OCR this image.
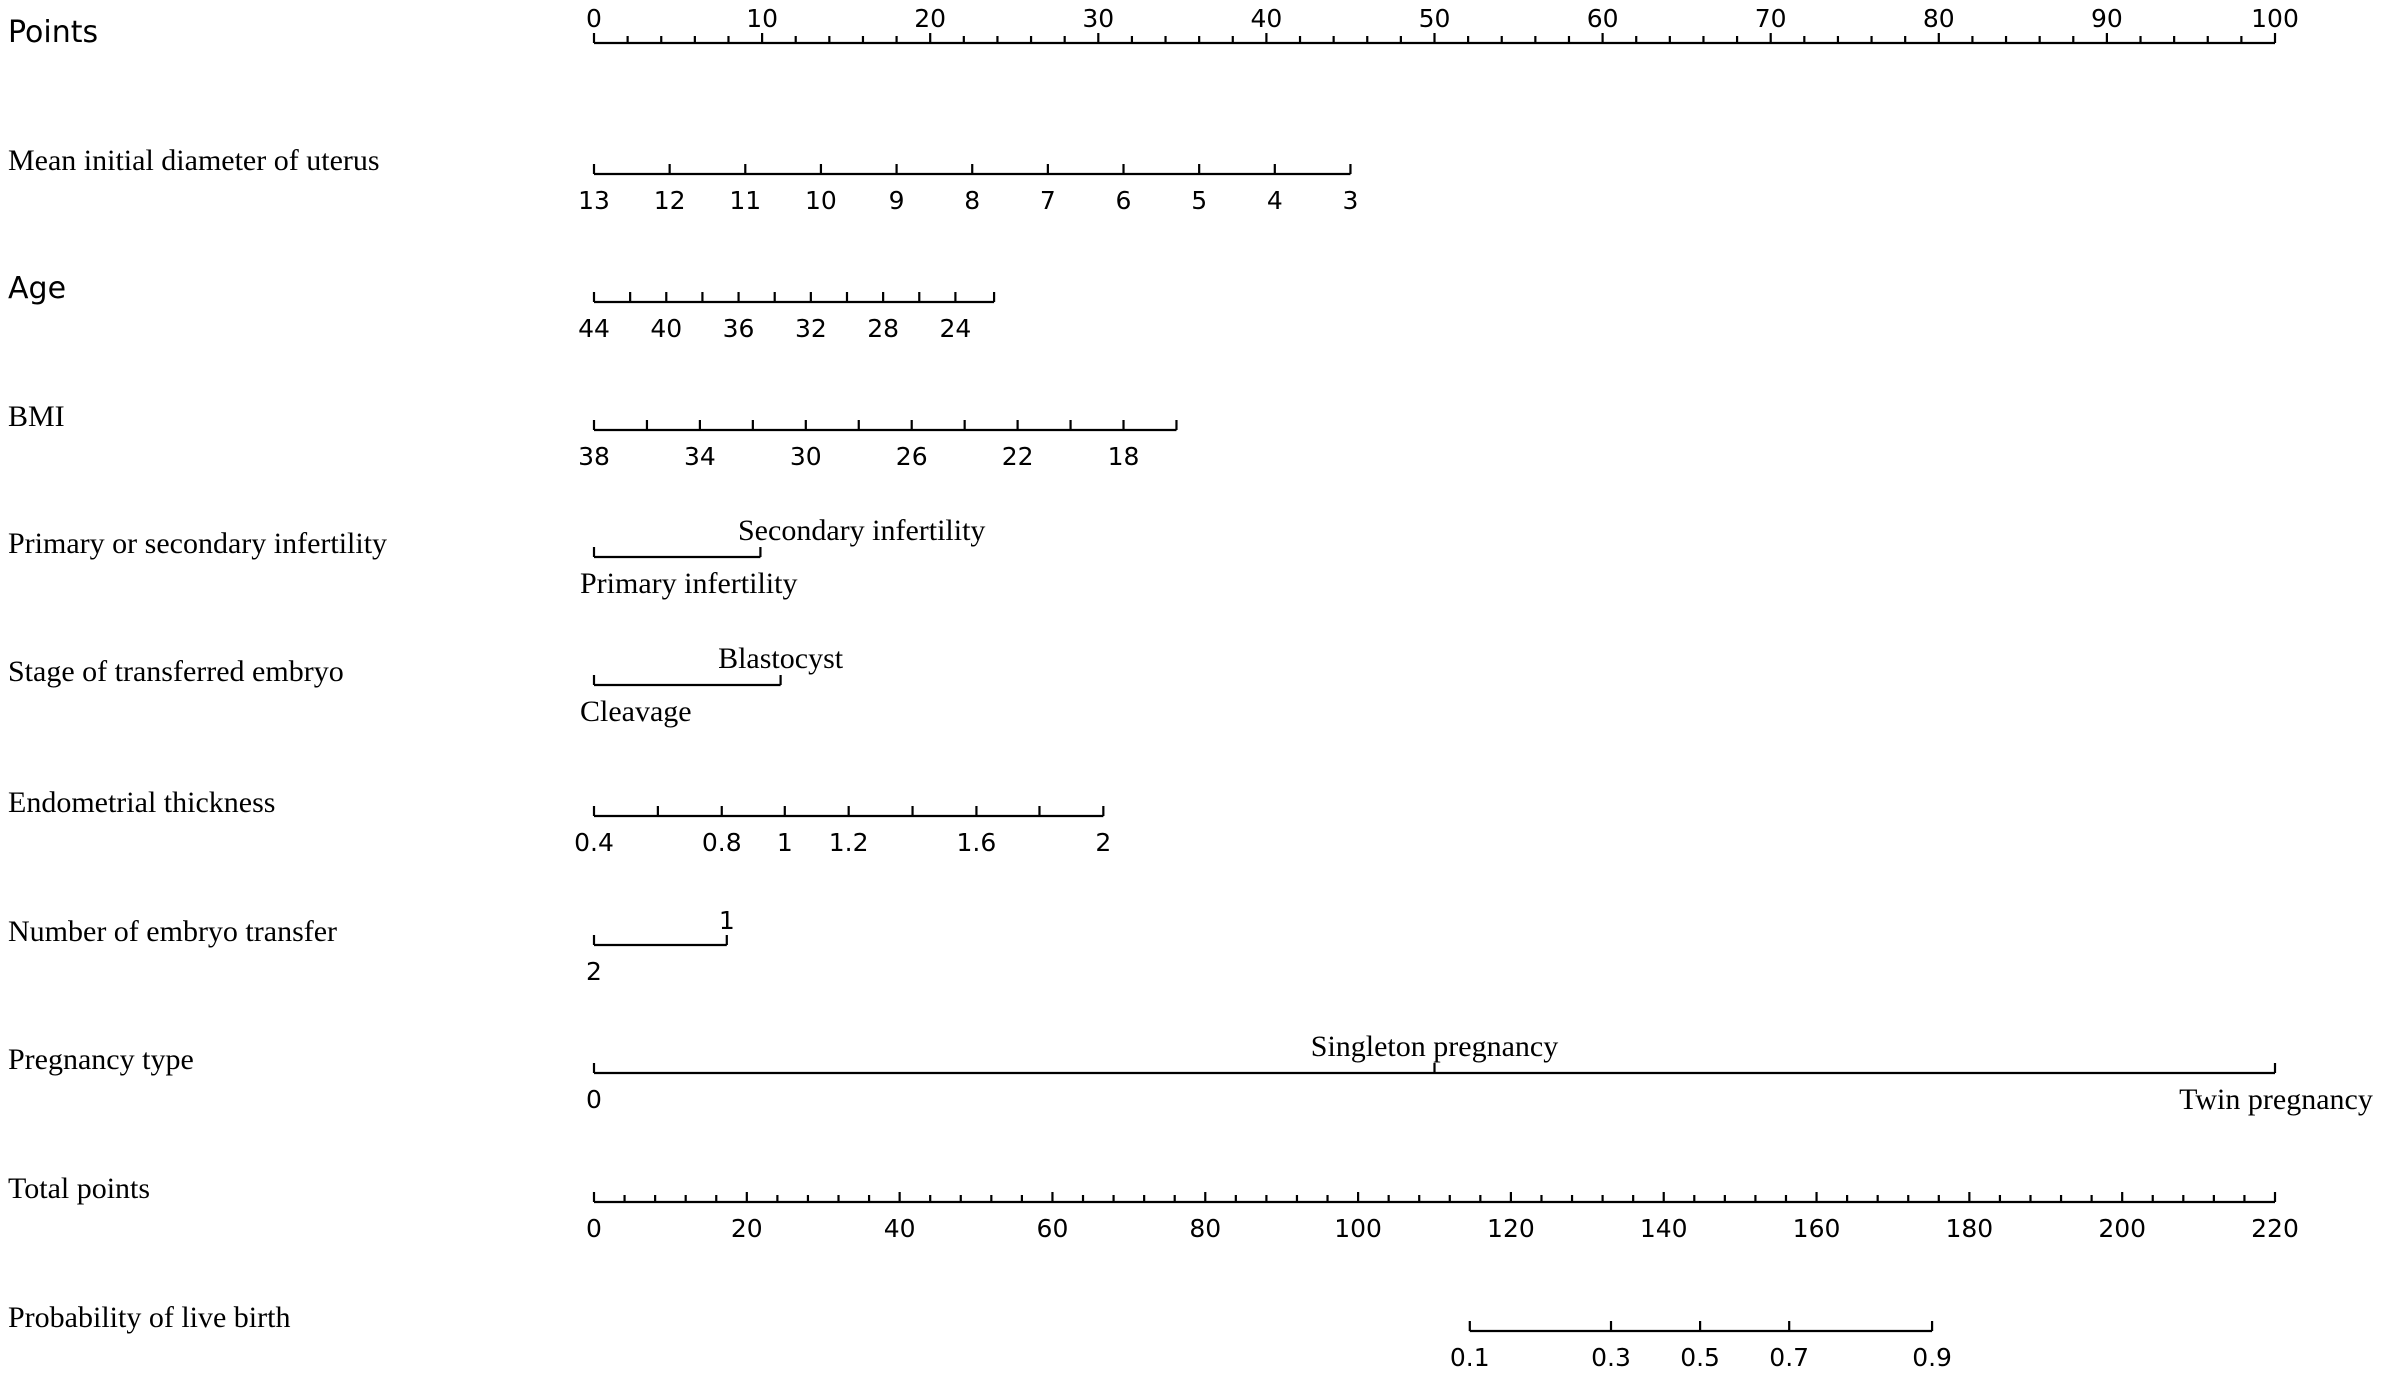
Points	0	10	20	30	40	50	60	70	80	90	100
Mean initial diameter of uterus
13 12 11 10 9 8 7 6 5 4 3
Age
44 40 36 32 28 24
BMI
38	34	30	26	22	18
Primary or secondary infertility
Primary infertility
Secondary infertility
Stage of transferred embryo
Cleavage
Blastocyst
Endometrial thickness
0.4	0.8 1 1.2	1.6	2
Number of embryo transfer
2
1
Pregnancy type
0
Singleton pregnancy
Twin pregnancy
Total points
0	20	40	60	80	100	120	140	160	180	200	220
Probability of live birth
0.1	0.3 0.5 0.7	0.9
